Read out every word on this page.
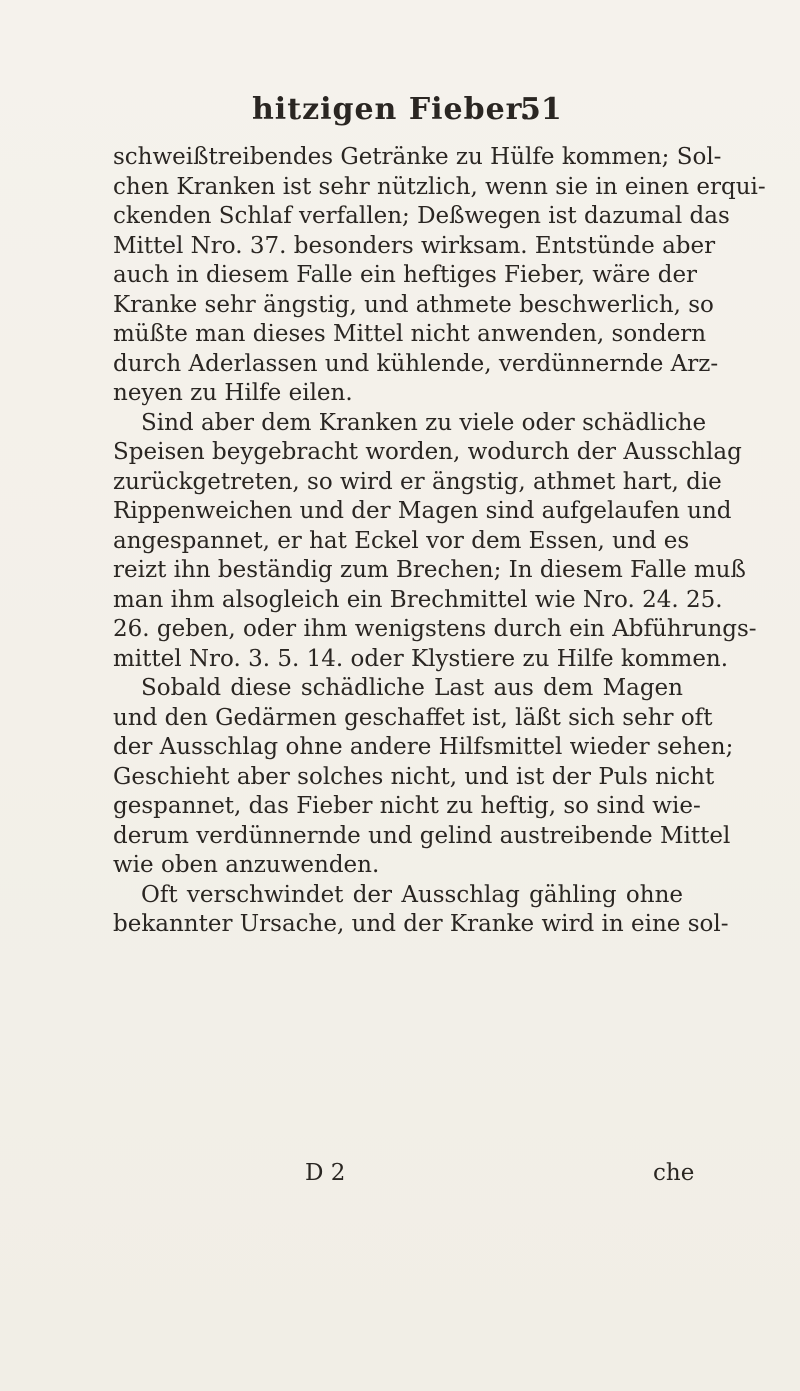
hitzigen Fieber.
51
schweißtreibendes Getränke zu Hülfe kommen; Sol-
chen Kranken ist sehr nützlich, wenn sie in einen erqui-
ckenden Schlaf verfallen; Deßwegen ist dazumal das
Mittel Nro. 37. besonders wirksam. Entstünde aber
auch in diesem Falle ein heftiges Fieber, wäre der
Kranke sehr ängstig, und athmete beschwerlich, so
müßte man dieses Mittel nicht anwenden, sondern
durch Aderlassen und kühlende, verdünnernde Arz-
neyen zu Hilfe eilen.
Sind aber dem Kranken zu viele oder schädliche
Speisen beygebracht worden, wodurch der Ausschlag
zurückgetreten, so wird er ängstig, athmet hart, die
Rippenweichen und der Magen sind aufgelaufen und
angespannet, er hat Eckel vor dem Essen, und es
reizt ihn beständig zum Brechen; In diesem Falle muß
man ihm alsogleich ein Brechmittel wie Nro. 24. 25.
26. geben, oder ihm wenigstens durch ein Abführungs-
mittel Nro. 3. 5. 14. oder Klystiere zu Hilfe kommen.
Sobald diese schädliche Last aus dem Magen
und den Gedärmen geschaffet ist, läßt sich sehr oft
der Ausschlag ohne andere Hilfsmittel wieder sehen;
Geschieht aber solches nicht, und ist der Puls nicht
gespannet, das Fieber nicht zu heftig, so sind wie-
derum verdünnernde und gelind austreibende Mittel
wie oben anzuwenden.
Oft verschwindet der Ausschlag gähling ohne
bekannter Ursache, und der Kranke wird in eine sol-
D 2	che
